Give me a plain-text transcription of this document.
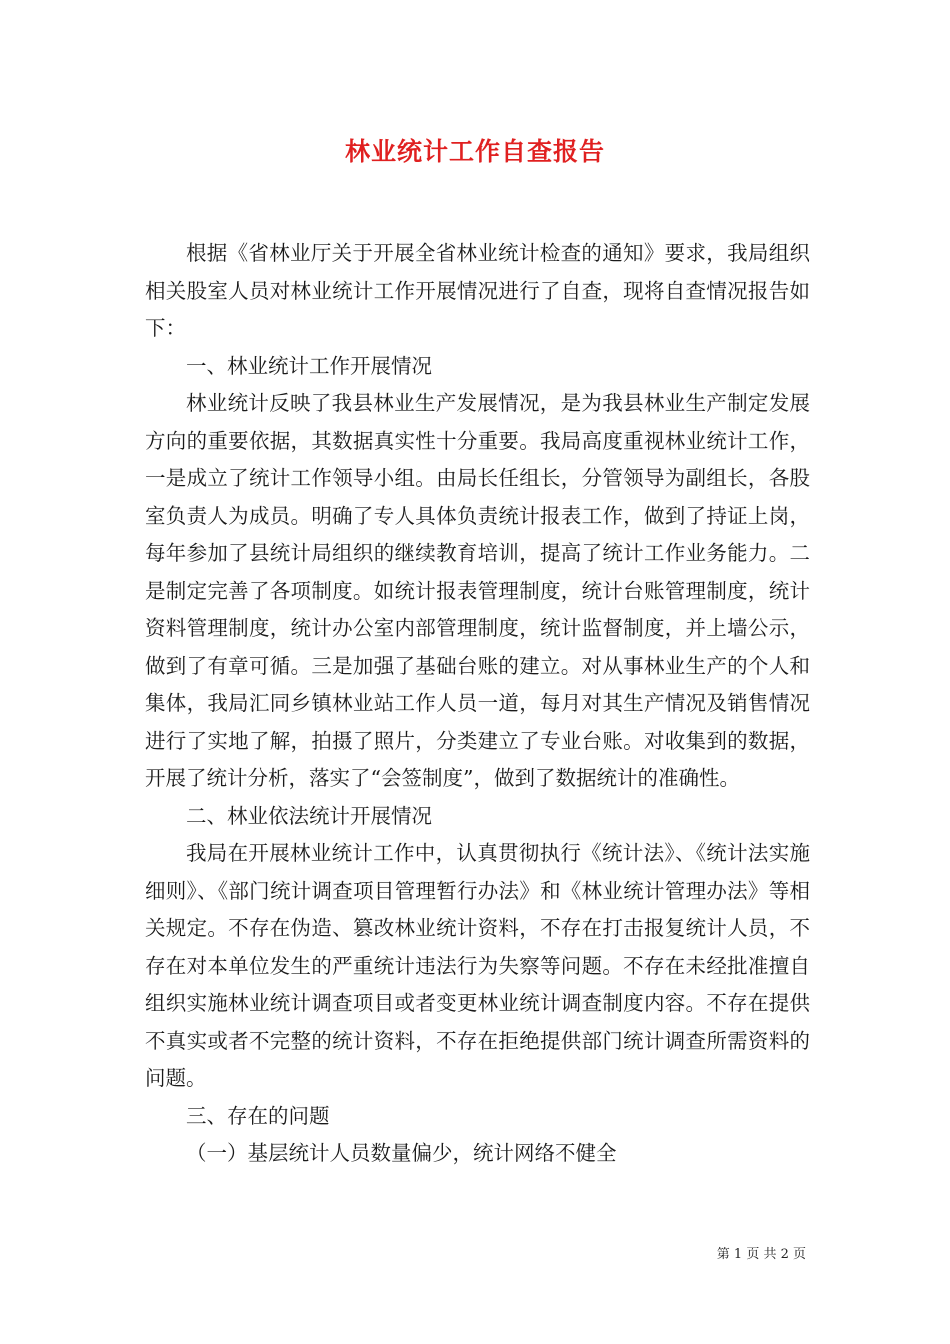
林业统计工作自查报告

根据《省林业厅关于开展全省林业统计检查的通知》要求，我局组织相关股室人员对林业统计工作开展情况进行了自查，现将自查情况报告如下：

一、林业统计工作开展情况

林业统计反映了我县林业生产发展情况，是为我县林业生产制定发展方向的重要依据，其数据真实性十分重要。我局高度重视林业统计工作，一是成立了统计工作领导小组。由局长任组长，分管领导为副组长，各股室负责人为成员。明确了专人具体负责统计报表工作，做到了持证上岗，每年参加了县统计局组织的继续教育培训，提高了统计工作业务能力。二是制定完善了各项制度。如统计报表管理制度，统计台账管理制度，统计资料管理制度，统计办公室内部管理制度，统计监督制度，并上墙公示，做到了有章可循。三是加强了基础台账的建立。对从事林业生产的个人和集体，我局汇同乡镇林业站工作人员一道，每月对其生产情况及销售情况进行了实地了解，拍摄了照片，分类建立了专业台账。对收集到的数据，开展了统计分析，落实了“会签制度”，做到了数据统计的准确性。

二、林业依法统计开展情况

我局在开展林业统计工作中，认真贯彻执行《统计法》、《统计法实施细则》、《部门统计调查项目管理暂行办法》和《林业统计管理办法》等相关规定。不存在伪造、篡改林业统计资料，不存在打击报复统计人员，不存在对本单位发生的严重统计违法行为失察等问题。不存在未经批准擅自组织实施林业统计调查项目或者变更林业统计调查制度内容。不存在提供不真实或者不完整的统计资料，不存在拒绝提供部门统计调查所需资料的问题。

三、存在的问题

（一）基层统计人员数量偏少，统计网络不健全

第 1 页 共 2 页
